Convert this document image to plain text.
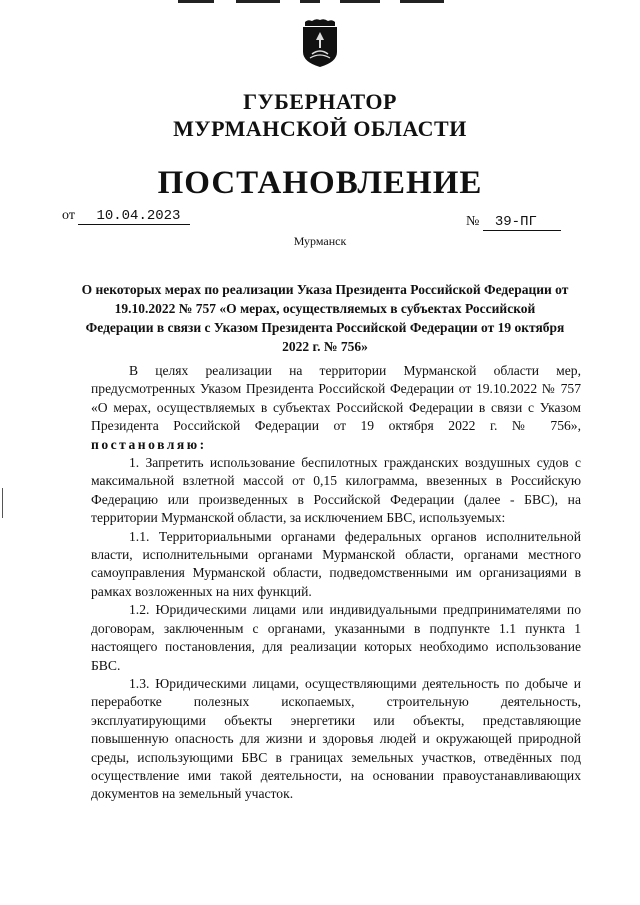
ГУБЕРНАТОР
МУРМАНСКОЙ ОБЛАСТИ
ПОСТАНОВЛЕНИЕ
от 10.04.2023	№ 39-ПГ
Мурманск
О некоторых мерах по реализации Указа Президента Российской Федерации от 19.10.2022 № 757 «О мерах, осуществляемых в субъектах Российской Федерации в связи с Указом Президента Российской Федерации от 19 октября 2022 г. № 756»

В целях реализации на территории Мурманской области мер, предусмотренных Указом Президента Российской Федерации от 19.10.2022 № 757 «О мерах, осуществляемых в субъектах Российской Федерации в связи с Указом Президента Российской Федерации от 19 октября 2022 г. № 756», постановляю:

1. Запретить использование беспилотных гражданских воздушных судов с максимальной взлетной массой от 0,15 килограмма, ввезенных в Российскую Федерацию или произведенных в Российской Федерации (далее - БВС), на территории Мурманской области, за исключением БВС, используемых:

1.1. Территориальными органами федеральных органов исполнительной власти, исполнительными органами Мурманской области, органами местного самоуправления Мурманской области, подведомственными им организациями в рамках возложенных на них функций.

1.2. Юридическими лицами или индивидуальными предпринимателями по договорам, заключенным с органами, указанными в подпункте 1.1 пункта 1 настоящего постановления, для реализации которых необходимо использование БВС.

1.3. Юридическими лицами, осуществляющими деятельность по добыче и переработке полезных ископаемых, строительную деятельность, эксплуатирующими объекты энергетики или объекты, представляющие повышенную опасность для жизни и здоровья людей и окружающей природной среды, использующими БВС в границах земельных участков, отведённых под осуществление ими такой деятельности, на основании правоустанавливающих документов на земельный участок.
